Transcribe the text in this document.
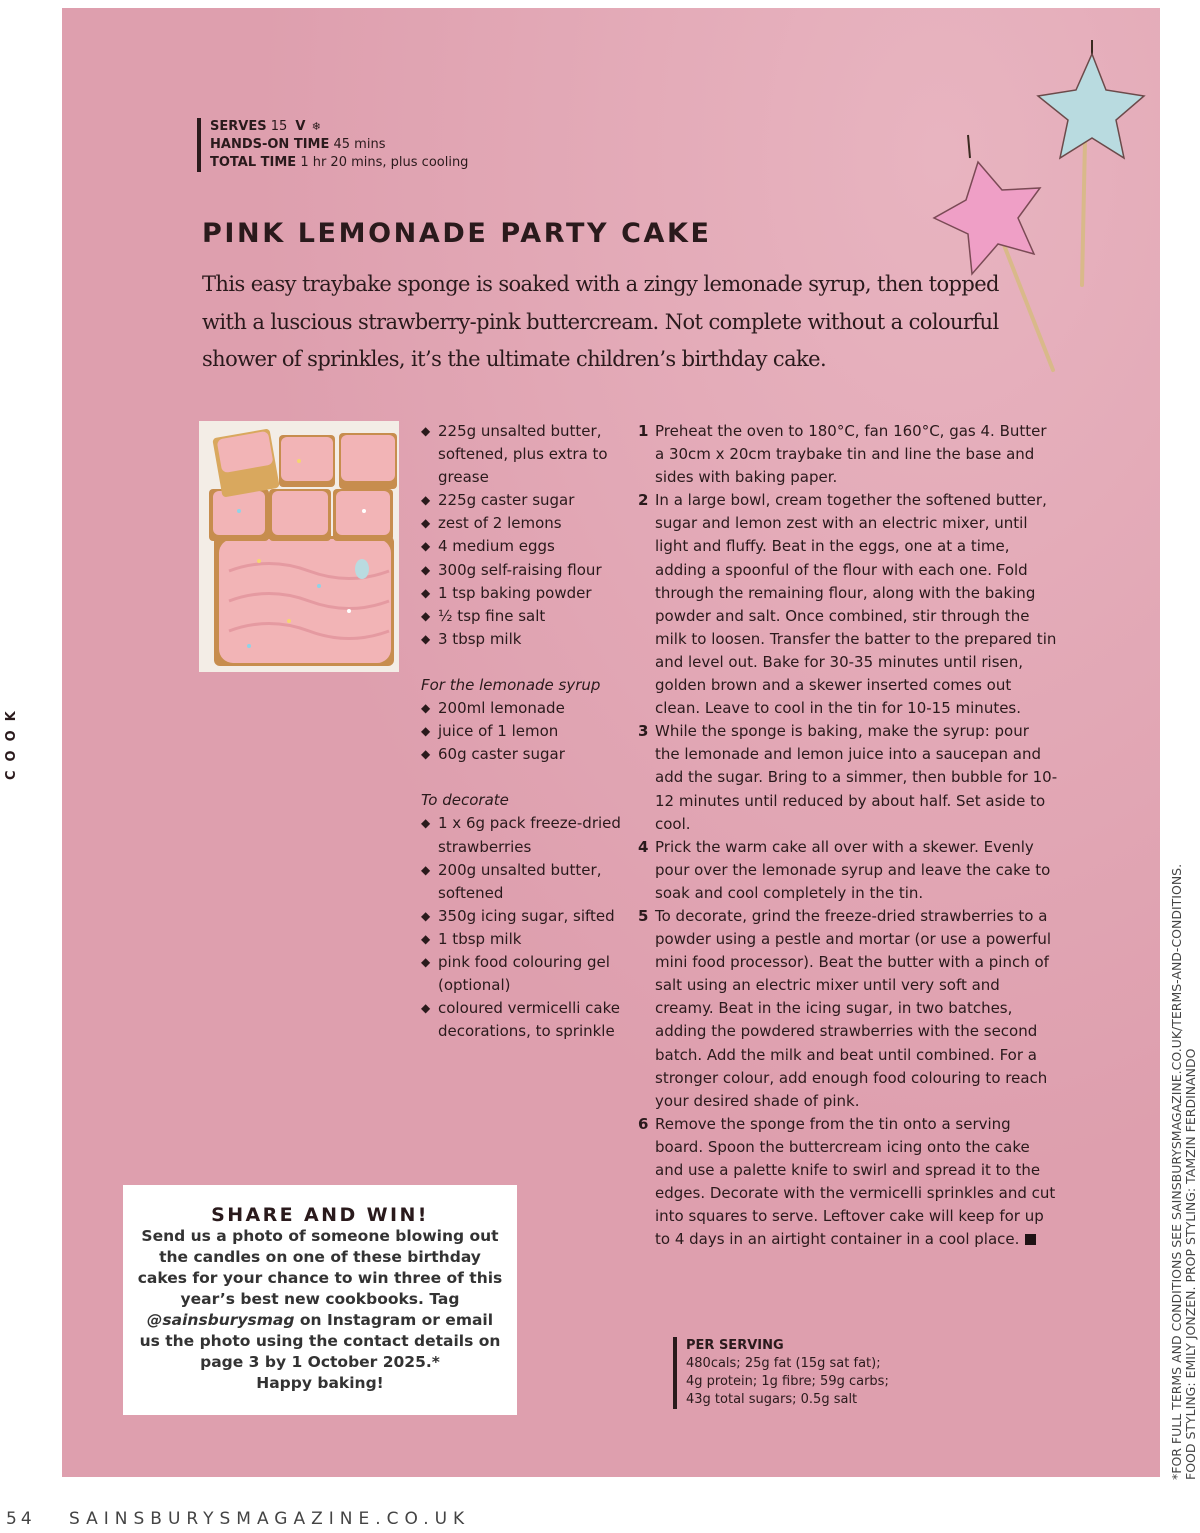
SERVES 15 V ❄
HANDS-ON TIME 45 mins
TOTAL TIME 1 hr 20 mins, plus cooling
PINK LEMONADE PARTY CAKE

This easy traybake sponge is soaked with a zingy lemonade syrup, then topped with a luscious strawberry-pink buttercream. Not complete without a colourful shower of sprinkles, it’s the ultimate children’s birthday cake.

◆ 225g unsalted butter, softened, plus extra to grease
◆ 225g caster sugar
◆ zest of 2 lemons
◆ 4 medium eggs
◆ 300g self-raising flour
◆ 1 tsp baking powder
◆ ½ tsp fine salt
◆ 3 tbsp milk
For the lemonade syrup
◆ 200ml lemonade
◆ juice of 1 lemon
◆ 60g caster sugar
To decorate
◆ 1 x 6g pack freeze-dried strawberries
◆ 200g unsalted butter, softened
◆ 350g icing sugar, sifted
◆ 1 tbsp milk
◆ pink food colouring gel (optional)
◆ coloured vermicelli cake decorations, to sprinkle
1 Preheat the oven to 180°C, fan 160°C, gas 4. Butter a 30cm x 20cm traybake tin and line the base and sides with baking paper.
2 In a large bowl, cream together the softened butter, sugar and lemon zest with an electric mixer, until light and fluffy. Beat in the eggs, one at a time, adding a spoonful of the flour with each one. Fold through the remaining flour, along with the baking powder and salt. Once combined, stir through the milk to loosen. Transfer the batter to the prepared tin and level out. Bake for 30-35 minutes until risen, golden brown and a skewer inserted comes out clean. Leave to cool in the tin for 10-15 minutes.
3 While the sponge is baking, make the syrup: pour the lemonade and lemon juice into a saucepan and add the sugar. Bring to a simmer, then bubble for 10-12 minutes until reduced by about half. Set aside to cool.
4 Prick the warm cake all over with a skewer. Evenly pour over the lemonade syrup and leave the cake to soak and cool completely in the tin.
5 To decorate, grind the freeze-dried strawberries to a powder using a pestle and mortar (or use a powerful mini food processor). Beat the butter with a pinch of salt using an electric mixer until very soft and creamy. Beat in the icing sugar, in two batches, adding the powdered strawberries with the second batch. Add the milk and beat until combined. For a stronger colour, add enough food colouring to reach your desired shade of pink.
6 Remove the sponge from the tin onto a serving board. Spoon the buttercream icing onto the cake and use a palette knife to swirl and spread it to the edges. Decorate with the vermicelli sprinkles and cut into squares to serve. Leftover cake will keep for up to 4 days in an airtight container in a cool place.
PER SERVING
480cals; 25g fat (15g sat fat);
4g protein; 1g fibre; 59g carbs;
43g total sugars; 0.5g salt
SHARE AND WIN!

Send us a photo of someone blowing out the candles on one of these birthday cakes for your chance to win three of this year’s best new cookbooks. Tag @sainsburysmag on Instagram or email us the photo using the contact details on page 3 by 1 October 2025.*

Happy baking!

COOK
*FOR FULL TERMS AND CONDITIONS SEE SAINSBURYSMAGAZINE.CO.UK/TERMS-AND-CONDITIONS. FOOD STYLING: EMILY JONZEN. PROP STYLING: TAMZIN FERDINANDO
54 SAINSBURYSMAGAZINE.CO.UK
